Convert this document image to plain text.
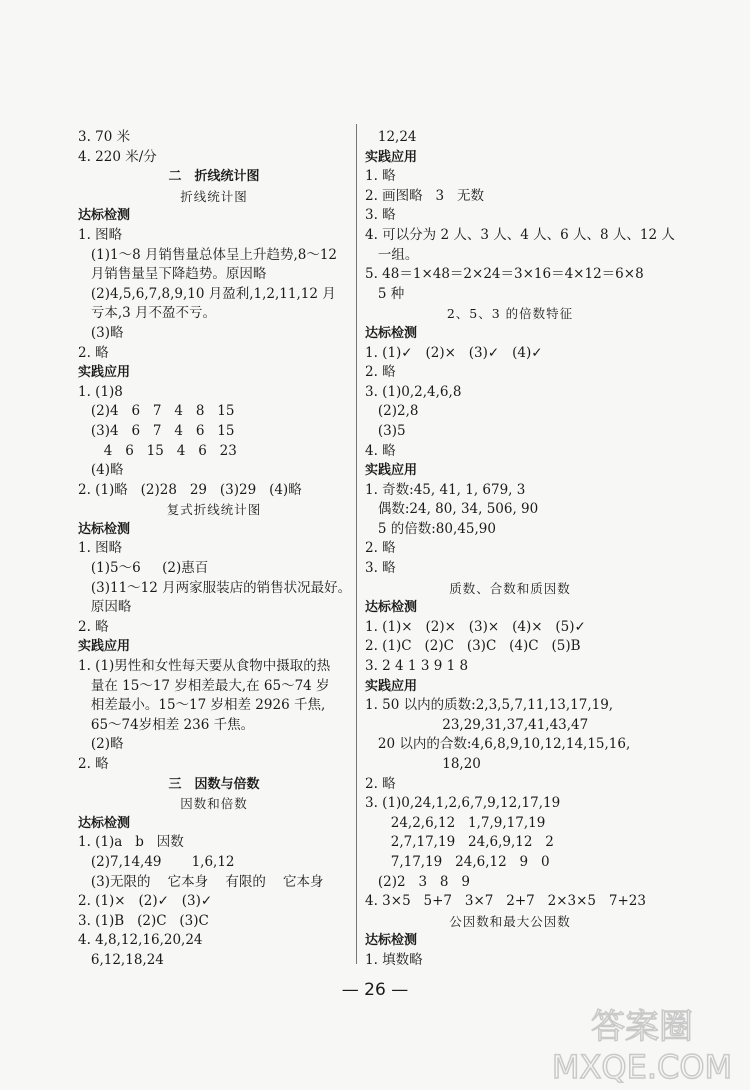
3. 70 米
4. 220 米/分
二　折线统计图
折线统计图
达标检测
1. 图略
(1)1～8 月销售量总体呈上升趋势,8～12
月销售量呈下降趋势。原因略
(2)4,5,6,7,8,9,10 月盈利,1,2,11,12 月
亏本,3 月不盈不亏。
(3)略
2. 略
实践应用
1. (1)8
(2)4   6   7   4   8   15
(3)4   6   7   4   6   15
4   6   15   4   6   23
(4)略
2. (1)略   (2)28   29   (3)29   (4)略
复式折线统计图
达标检测
1. 图略
(1)5～6     (2)惠百
(3)11～12 月两家服装店的销售状况最好。
原因略
2. 略
实践应用
1. (1)男性和女性每天要从食物中摄取的热
量在 15～17 岁相差最大,在 65～74 岁
相差最小。15～17 岁相差 2926 千焦,
65～74岁相差 236 千焦。
(2)略
2. 略
三　因数与倍数
因数和倍数
达标检测
1. (1)a   b   因数
(2)7,14,49       1,6,12
(3)无限的    它本身    有限的    它本身
2. (1)×   (2)✓   (3)✓
3. (1)B   (2)C   (3)C
4. 4,8,12,16,20,24
6,12,18,24
12,24
实践应用
1. 略
2. 画图略   3   无数
3. 略
4. 可以分为 2 人、3 人、4 人、6 人、8 人、12 人
一组。
5. 48＝1×48＝2×24＝3×16＝4×12＝6×8
5 种
2、5、3 的倍数特征
达标检测
1. (1)✓   (2)×   (3)✓   (4)✓
2. 略
3. (1)0,2,4,6,8
(2)2,8
(3)5
4. 略
实践应用
1. 奇数:45, 41, 1, 679, 3
偶数:24, 80, 34, 506, 90
5 的倍数:80,45,90
2. 略
3. 略
质数、合数和质因数
达标检测
1. (1)×   (2)×   (3)×   (4)×   (5)✓
2. (1)C   (2)C   (3)C   (4)C   (5)B
3. 2 4 1 3 9 1 8
实践应用
1. 50 以内的质数:2,3,5,7,11,13,17,19,
23,29,31,37,41,43,47
20 以内的合数:4,6,8,9,10,12,14,15,16,
18,20
2. 略
3. (1)0,24,1,2,6,7,9,12,17,19
24,2,6,12   1,7,9,17,19
2,7,17,19   24,6,9,12   2
7,17,19   24,6,12   9   0
(2)2   3   8   9
4. 3×5   5+7   3×7   2+7   2×3×5   7+23
公因数和最大公因数
达标检测
1. 填数略
— 26 —
答案圈
MXQE.COM
